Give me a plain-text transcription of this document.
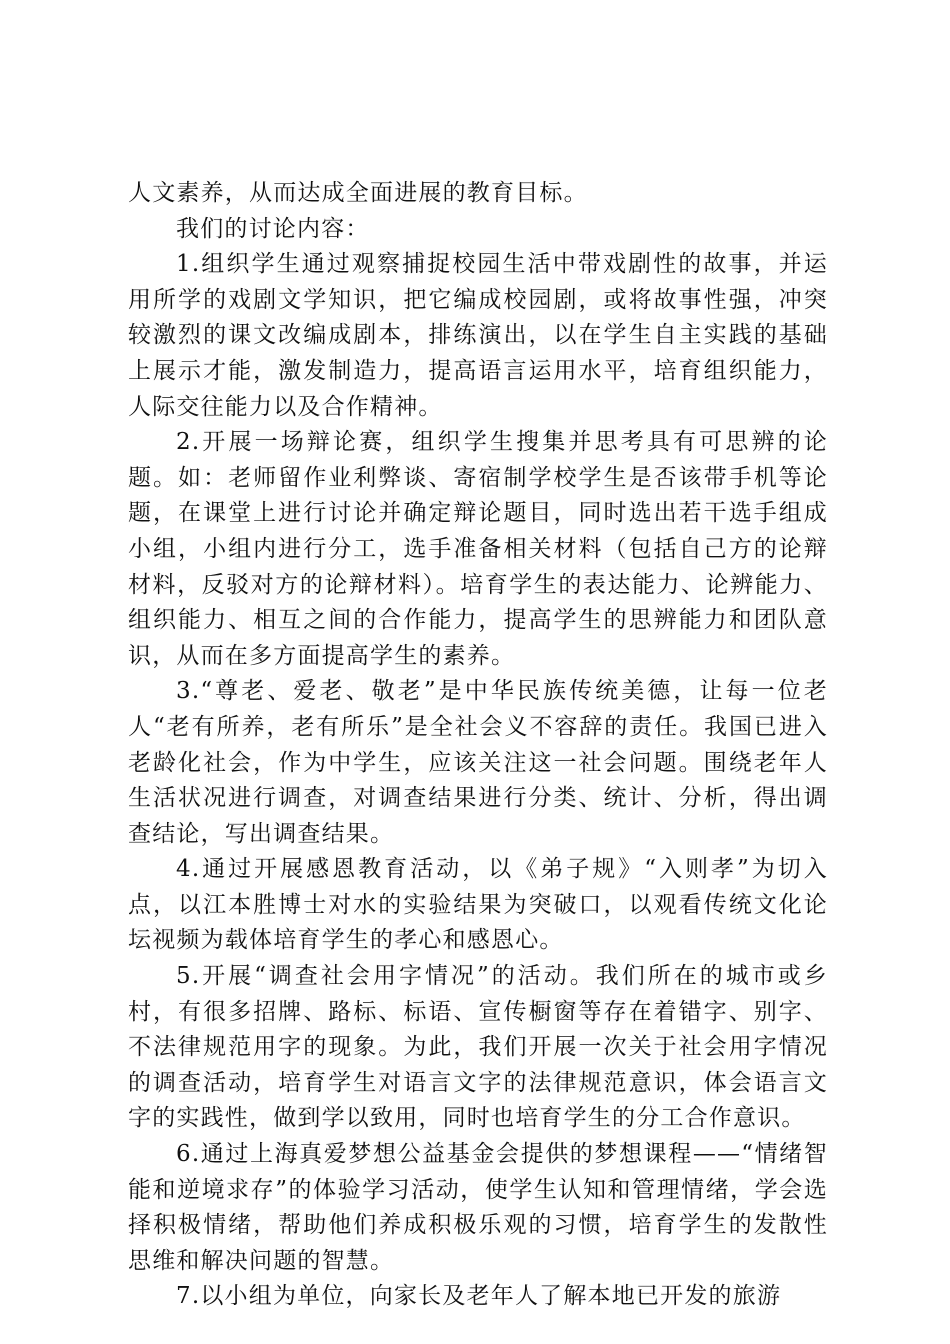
人文素养，从而达成全面进展的教育目标。

我们的讨论内容：

1.组织学生通过观察捕捉校园生活中带戏剧性的故事，并运用所学的戏剧文学知识，把它编成校园剧，或将故事性强，冲突较激烈的课文改编成剧本，排练演出，以在学生自主实践的基础上展示才能，激发制造力，提高语言运用水平，培育组织能力，人际交往能力以及合作精神。

2.开展一场辩论赛，组织学生搜集并思考具有可思辨的论题。如：老师留作业利弊谈、寄宿制学校学生是否该带手机等论题，在课堂上进行讨论并确定辩论题目，同时选出若干选手组成小组，小组内进行分工，选手准备相关材料（包括自己方的论辩材料，反驳对方的论辩材料）。培育学生的表达能力、论辨能力、组织能力、相互之间的合作能力，提高学生的思辨能力和团队意识，从而在多方面提高学生的素养。

3.“尊老、爱老、敬老”是中华民族传统美德，让每一位老人“老有所养，老有所乐”是全社会义不容辞的责任。我国已进入老龄化社会，作为中学生，应该关注这一社会问题。围绕老年人生活状况进行调查，对调查结果进行分类、统计、分析，得出调查结论，写出调查结果。

4.通过开展感恩教育活动，以《弟子规》“入则孝”为切入点，以江本胜博士对水的实验结果为突破口，以观看传统文化论坛视频为载体培育学生的孝心和感恩心。

5.开展“调查社会用字情况”的活动。我们所在的城市或乡村，有很多招牌、路标、标语、宣传橱窗等存在着错字、别字、不法律规范用字的现象。为此，我们开展一次关于社会用字情况的调查活动，培育学生对语言文字的法律规范意识，体会语言文字的实践性，做到学以致用，同时也培育学生的分工合作意识。

6.通过上海真爱梦想公益基金会提供的梦想课程——“情绪智能和逆境求存”的体验学习活动，使学生认知和管理情绪，学会选择积极情绪，帮助他们养成积极乐观的习惯，培育学生的发散性思维和解决问题的智慧。

7.以小组为单位，向家长及老年人了解本地已开发的旅游
